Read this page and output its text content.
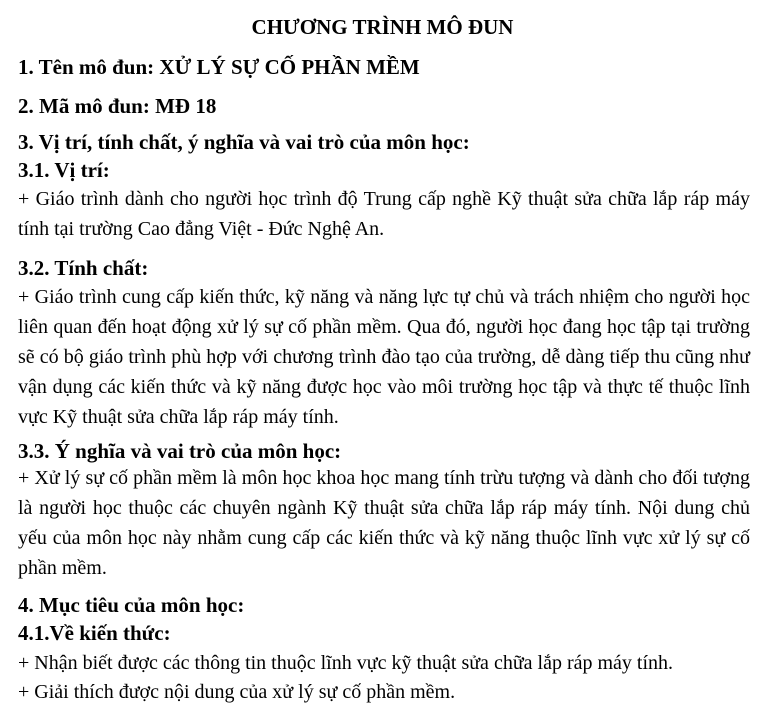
CHƯƠNG TRÌNH MÔ ĐUN
1. Tên mô đun: XỬ LÝ SỰ CỐ PHẦN MỀM
2. Mã mô đun: MĐ 18
3. Vị trí, tính chất, ý nghĩa và vai trò của môn học:
3.1. Vị trí:
+ Giáo trình dành cho người học trình độ Trung cấp nghề Kỹ thuật sửa chữa lắp ráp máy tính tại trường Cao đẳng Việt - Đức Nghệ An.
3.2. Tính chất:
+ Giáo trình cung cấp kiến thức, kỹ năng và năng lực tự chủ và trách nhiệm cho người học liên quan đến hoạt động xử lý sự cố phần mềm. Qua đó, người học đang học tập tại trường sẽ có bộ giáo trình phù hợp với chương trình đào tạo của trường, dễ dàng tiếp thu cũng như vận dụng các kiến thức và kỹ năng được học vào môi trường học tập và thực tế thuộc lĩnh vực Kỹ thuật sửa chữa lắp ráp máy tính.
3.3. Ý nghĩa và vai trò của môn học:
+ Xử lý sự cố phần mềm là môn học khoa học mang tính trừu tượng và dành cho đối tượng là người học thuộc các chuyên ngành Kỹ thuật sửa chữa lắp ráp máy tính. Nội dung chủ yếu của môn học này nhằm cung cấp các kiến thức và kỹ năng thuộc lĩnh vực xử lý sự cố phần mềm.
4. Mục tiêu của môn học:
4.1.Về kiến thức:
+ Nhận biết được các thông tin thuộc lĩnh vực kỹ thuật sửa chữa lắp ráp máy tính.
+ Giải thích được nội dung của xử lý sự cố phần mềm.
